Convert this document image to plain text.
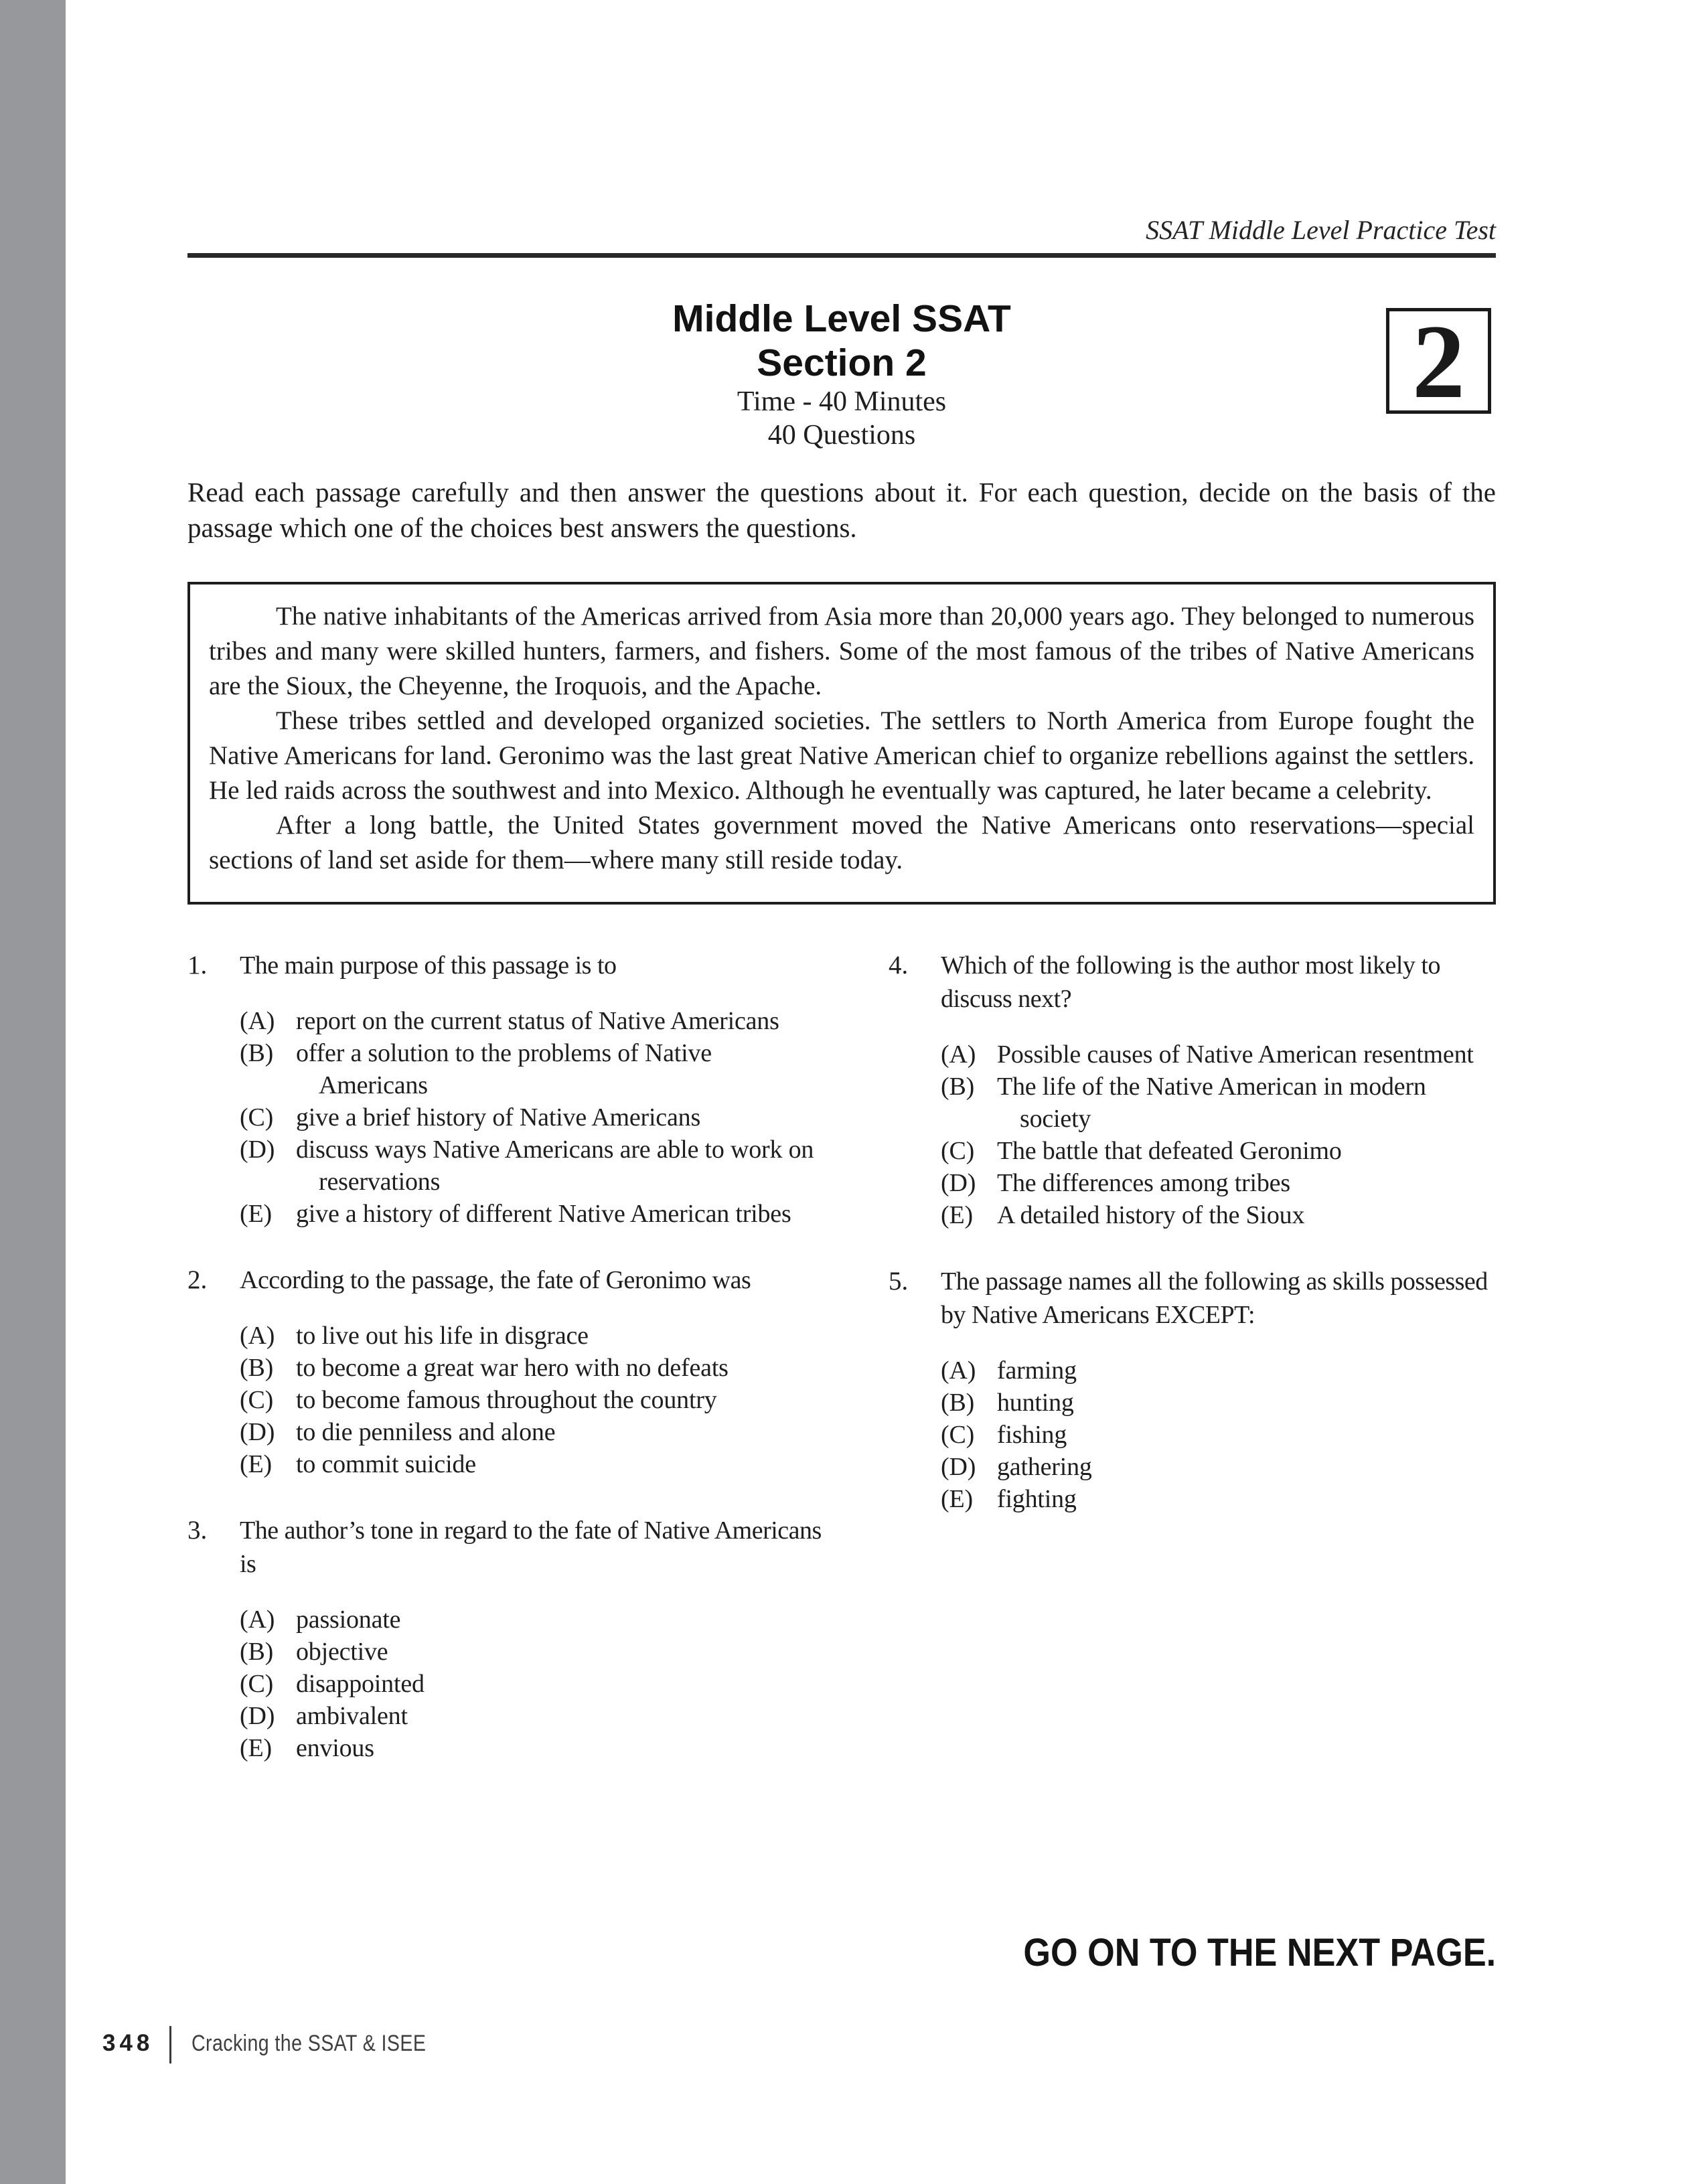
SSAT Middle Level Practice Test
Middle Level SSAT
Section 2
Time - 40 Minutes
40 Questions

Read each passage carefully and then answer the questions about it. For each question, decide on the basis of the passage which one of the choices best answers the questions.

The native inhabitants of the Americas arrived from Asia more than 20,000 years ago. They belonged to numerous tribes and many were skilled hunters, farmers, and fishers. Some of the most famous of the tribes of Native Americans are the Sioux, the Cheyenne, the Iroquois, and the Apache.

These tribes settled and developed organized societies. The settlers to North America from Europe fought the Native Americans for land. Geronimo was the last great Native American chief to organize rebellions against the settlers. He led raids across the southwest and into Mexico. Although he eventually was captured, he later became a celebrity.

After a long battle, the United States government moved the Native Americans onto reservations—special sections of land set aside for them—where many still reside today.

1.	The main purpose of this passage is to
(A) report on the current status of Native Americans
(B) offer a solution to the problems of Native Americans
(C) give a brief history of Native Americans
(D) discuss ways Native Americans are able to work on reservations
(E) give a history of different Native American tribes
2.	According to the passage, the fate of Geronimo was
(A) to live out his life in disgrace
(B) to become a great war hero with no defeats
(C) to become famous throughout the country
(D) to die penniless and alone
(E) to commit suicide
3.	The author’s tone in regard to the fate of Native Americans is
(A) passionate
(B) objective
(C) disappointed
(D) ambivalent
(E) envious
4.	Which of the following is the author most likely to discuss next?
(A) Possible causes of Native American resentment
(B) The life of the Native American in modern society
(C) The battle that defeated Geronimo
(D) The differences among tribes
(E) A detailed history of the Sioux
5.	The passage names all the following as skills possessed by Native Americans EXCEPT:
(A) farming
(B) hunting
(C) fishing
(D) gathering
(E) fighting
2
GO ON TO THE NEXT PAGE.
348 Cracking the SSAT & ISEE
